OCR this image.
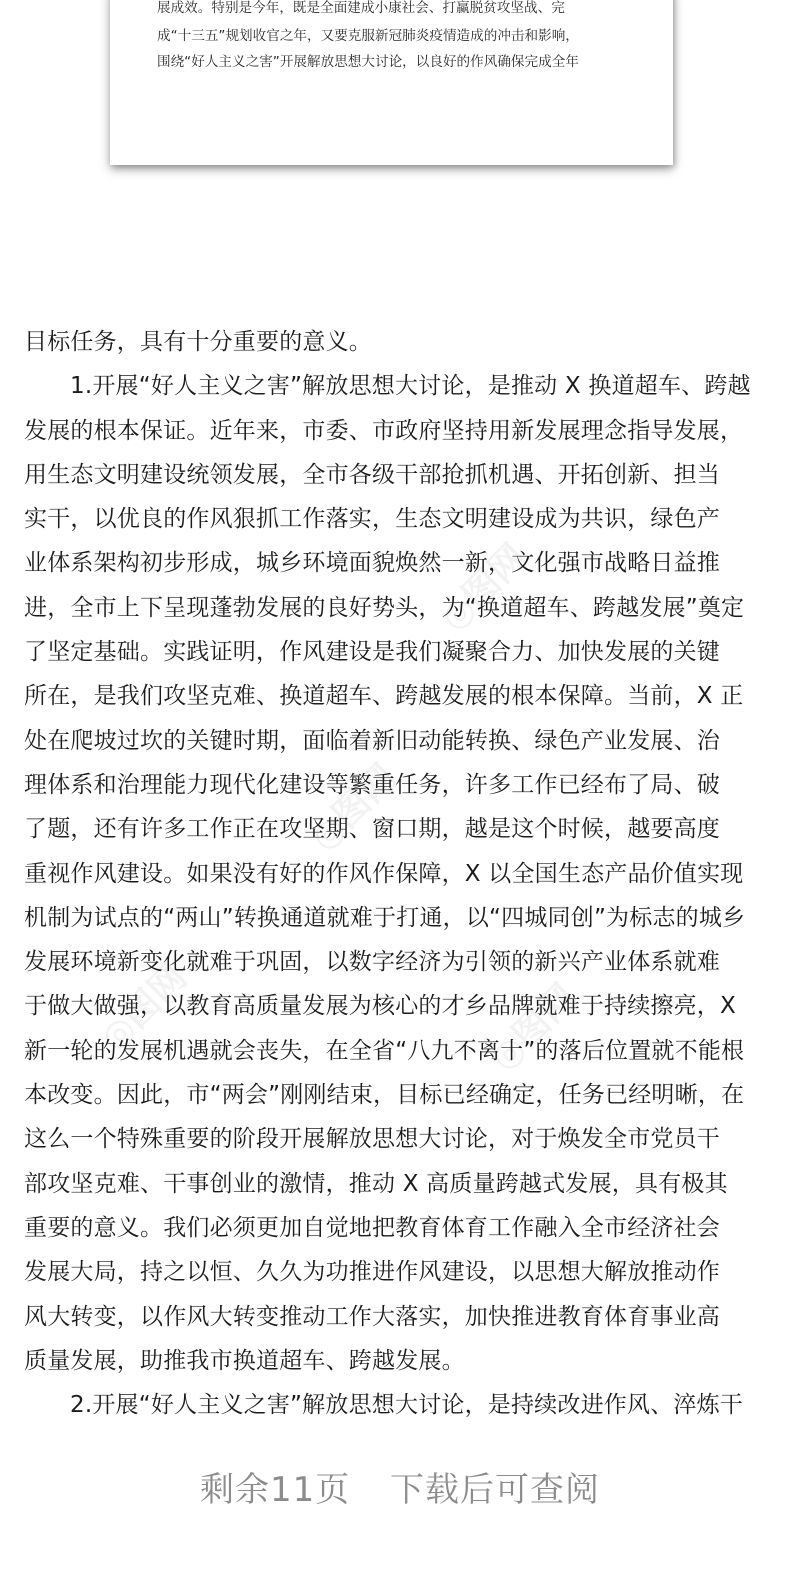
展成效。特别是今年，既是全面建成小康社会、打赢脱贫攻坚战、完
成“十三五”规划收官之年，又要克服新冠肺炎疫情造成的冲击和影响，
围绕“好人主义之害”开展解放思想大讨论，以良好的作风确保完成全年
◎图网
◎图网
◎图网	◎图网
目标任务，具有十分重要的意义。
1.开展“好人主义之害”解放思想大讨论，是推动 X 换道超车、跨越
发展的根本保证。近年来，市委、市政府坚持用新发展理念指导发展，
用生态文明建设统领发展，全市各级干部抢抓机遇、开拓创新、担当
实干，以优良的作风狠抓工作落实，生态文明建设成为共识，绿色产
业体系架构初步形成，城乡环境面貌焕然一新，文化强市战略日益推
进，全市上下呈现蓬勃发展的良好势头，为“换道超车、跨越发展”奠定
了坚定基础。实践证明，作风建设是我们凝聚合力、加快发展的关键
所在，是我们攻坚克难、换道超车、跨越发展的根本保障。当前，X 正
处在爬坡过坎的关键时期，面临着新旧动能转换、绿色产业发展、治
理体系和治理能力现代化建设等繁重任务，许多工作已经布了局、破
了题，还有许多工作正在攻坚期、窗口期，越是这个时候，越要高度
重视作风建设。如果没有好的作风作保障，X 以全国生态产品价值实现
机制为试点的“两山”转换通道就难于打通，以“四城同创”为标志的城乡
发展环境新变化就难于巩固，以数字经济为引领的新兴产业体系就难
于做大做强，以教育高质量发展为核心的才乡品牌就难于持续擦亮，X
新一轮的发展机遇就会丧失，在全省“八九不离十”的落后位置就不能根
本改变。因此，市“两会”刚刚结束，目标已经确定，任务已经明晰，在
这么一个特殊重要的阶段开展解放思想大讨论，对于焕发全市党员干
部攻坚克难、干事创业的激情，推动 X 高质量跨越式发展，具有极其
重要的意义。我们必须更加自觉地把教育体育工作融入全市经济社会
发展大局，持之以恒、久久为功推进作风建设，以思想大解放推动作
风大转变，以作风大转变推动工作大落实，加快推进教育体育事业高
质量发展，助推我市换道超车、跨越发展。
2.开展“好人主义之害”解放思想大讨论，是持续改进作风、淬炼干
剩余11页 下载后可查阅
